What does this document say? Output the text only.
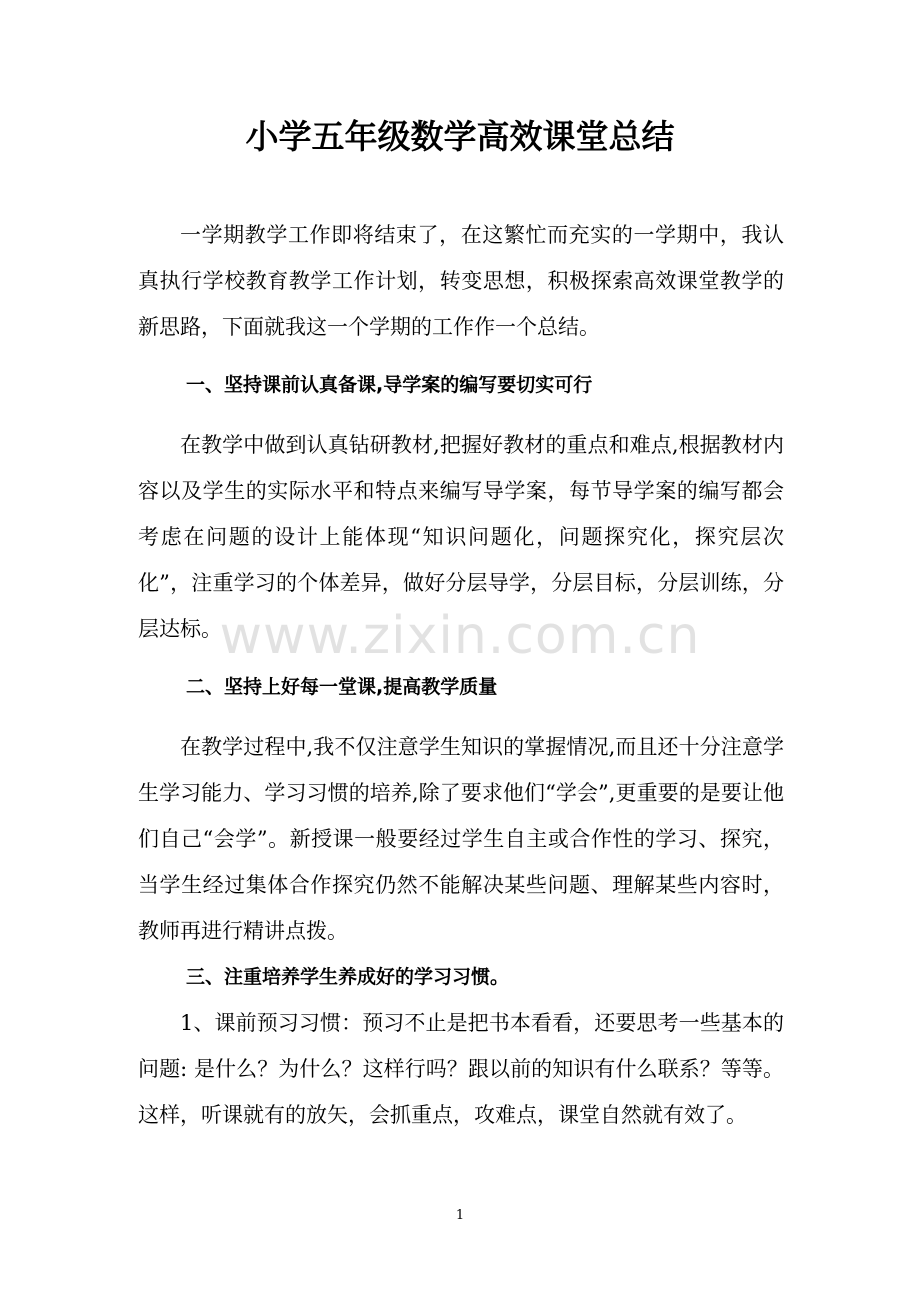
小学五年级数学高效课堂总结

一学期教学工作即将结束了，在这繁忙而充实的一学期中，我认真执行学校教育教学工作计划，转变思想，积极探索高效课堂教学的新思路，下面就我这一个学期的工作作一个总结。

一、坚持课前认真备课,导学案的编写要切实可行

在教学中做到认真钻研教材,把握好教材的重点和难点,根据教材内容以及学生的实际水平和特点来编写导学案，每节导学案的编写都会考虑在问题的设计上能体现“知识问题化，问题探究化，探究层次化”，注重学习的个体差异，做好分层导学，分层目标，分层训练，分层达标。

二、坚持上好每一堂课,提高教学质量

在教学过程中,我不仅注意学生知识的掌握情况,而且还十分注意学生学习能力、学习习惯的培养,除了要求他们“学会”,更重要的是要让他们自己“会学”。新授课一般要经过学生自主或合作性的学习、探究，当学生经过集体合作探究仍然不能解决某些问题、理解某些内容时，教师再进行精讲点拨。

三、注重培养学生养成好的学习习惯。

1、课前预习习惯：预习不止是把书本看看，还要思考一些基本的问题: 是什么？为什么？这样行吗？跟以前的知识有什么联系？等等。这样，听课就有的放矢，会抓重点，攻难点，课堂自然就有效了。

www.zixin.com.cn
1
